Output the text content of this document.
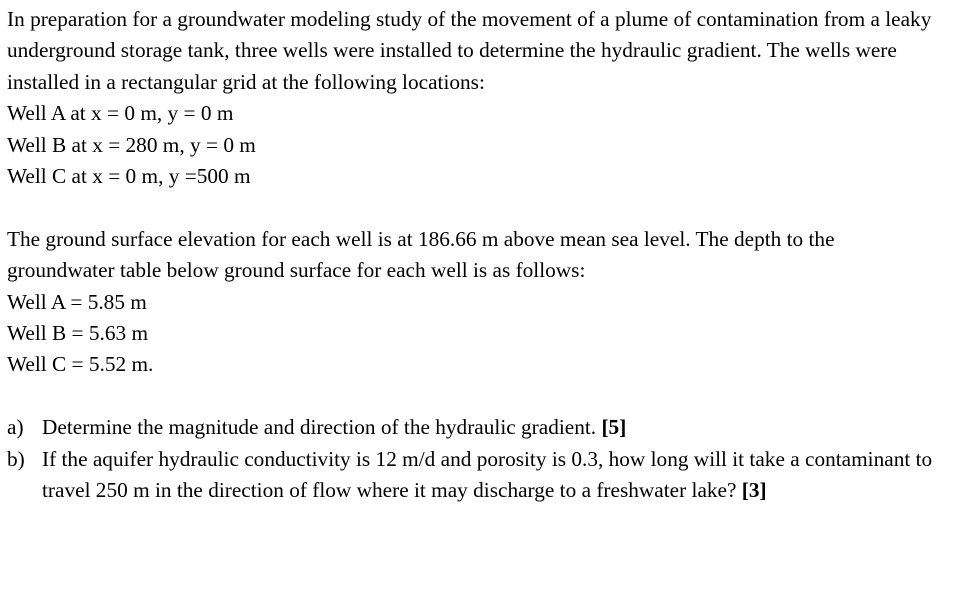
In preparation for a groundwater modeling study of the movement of a plume of contamination from a leaky underground storage tank, three wells were installed to determine the hydraulic gradient. The wells were installed in a rectangular grid at the following locations:

Well A at x = 0 m, y = 0 m

Well B at x = 280 m, y = 0 m

Well C at x = 0 m, y =500 m

The ground surface elevation for each well is at 186.66 m above mean sea level. The depth to the groundwater table below ground surface for each well is as follows:

Well A = 5.85 m

Well B = 5.63 m

Well C = 5.52 m.

a) Determine the magnitude and direction of the hydraulic gradient. [5]

b) If the aquifer hydraulic conductivity is 12 m/d and porosity is 0.3, how long will it take a contaminant to travel 250 m in the direction of flow where it may discharge to a freshwater lake? [3]
